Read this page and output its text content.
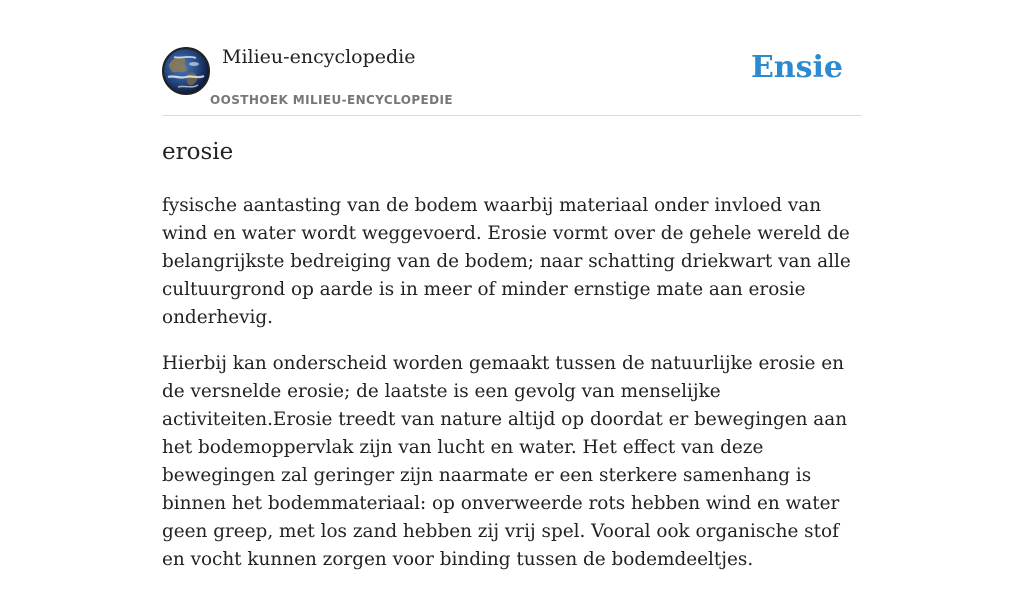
Milieu-encyclopedie
OOSTHOEK MILIEU-ENCYCLOPEDIE
Ensie
erosie

fysische aantasting van de bodem waarbij materiaal onder invloed van wind en water wordt weggevoerd. Erosie vormt over de gehele wereld de belangrijkste bedreiging van de bodem; naar schatting driekwart van alle cultuurgrond op aarde is in meer of minder ernstige mate aan erosie onderhevig.

Hierbij kan onderscheid worden gemaakt tussen de natuurlijke erosie en de versnelde erosie; de laatste is een gevolg van menselijke activiteiten.Erosie treedt van nature altijd op doordat er bewegingen aan het bodemoppervlak zijn van lucht en water. Het effect van deze bewegingen zal geringer zijn naarmate er een sterkere samenhang is binnen het bodemmateriaal: op onverweerde rots hebben wind en water geen greep, met los zand hebben zij vrij spel. Vooral ook organische stof en vocht kunnen zorgen voor binding tussen de bodemdeeltjes.
